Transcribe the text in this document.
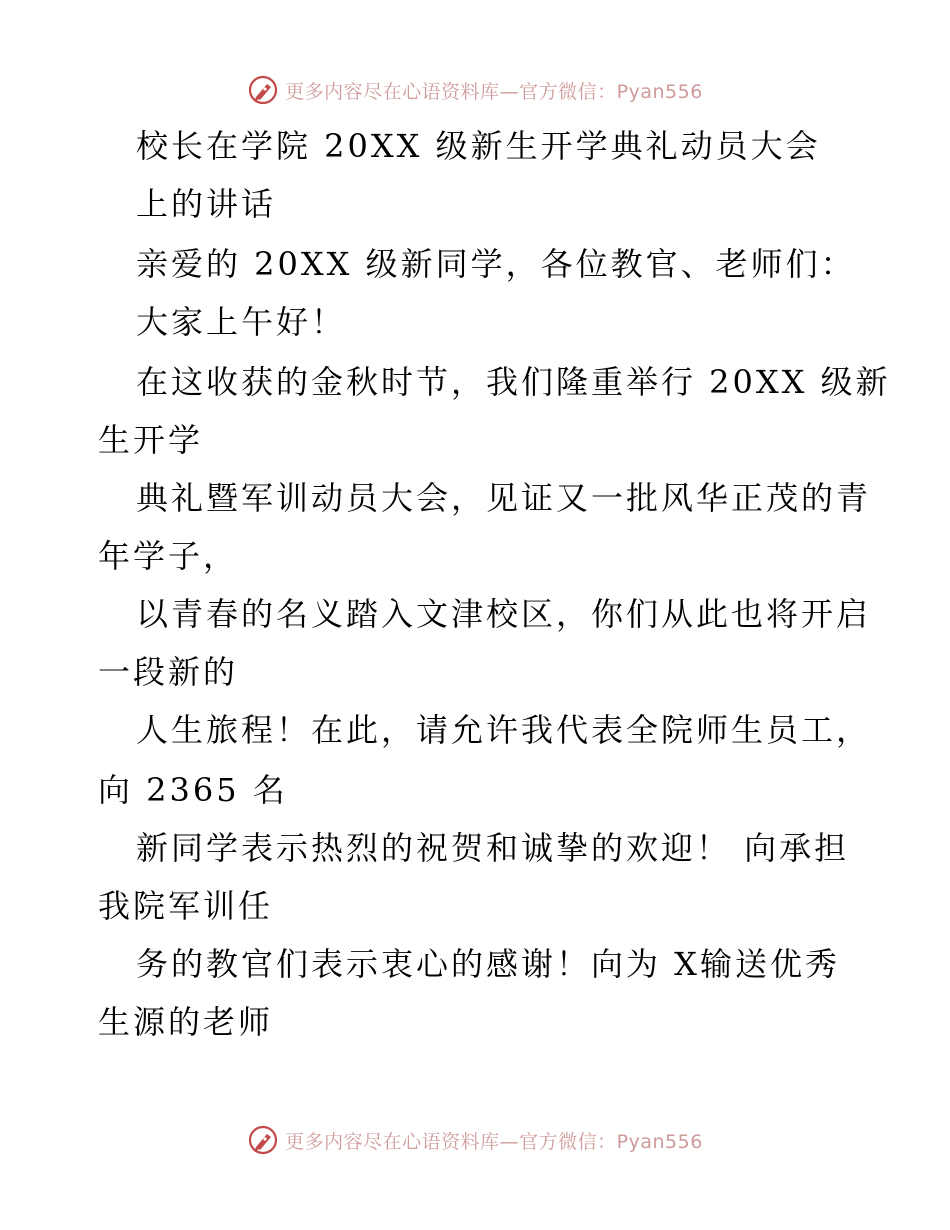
更多内容尽在心语资料库—官方微信：Pyan556
校长在学院 20XX 级新生开学典礼动员大会
上的讲话
亲爱的 20XX 级新同学，各位教官、老师们：
大家上午好！
在这收获的金秋时节，我们隆重举行 20XX 级新
生开学
典礼暨军训动员大会，见证又一批风华正茂的青
年学子，
以青春的名义踏入文津校区，你们从此也将开启
一段新的
人生旅程！在此，请允许我代表全院师生员工，
向 2365 名
新同学表示热烈的祝贺和诚挚的欢迎！ 向承担
我院军训任
务的教官们表示衷心的感谢！向为 X输送优秀
生源的老师
更多内容尽在心语资料库—官方微信：Pyan556
